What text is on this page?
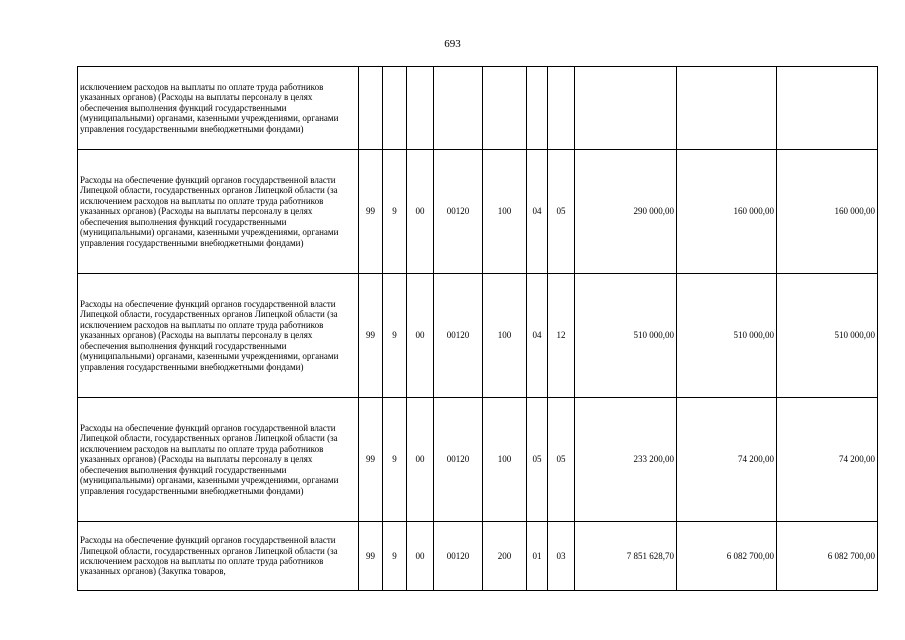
693
исключением расходов на выплаты по оплате труда работников указанных органов) (Расходы на выплаты персоналу в целях обеспечения выполнения функций государственными (муниципальными) органами, казенными учреждениями, органами управления государственными внебюджетными фондами)										
Расходы на обеспечение функций органов государственной власти Липецкой области, государственных органов Липецкой области (за исключением расходов на выплаты по оплате труда работников указанных органов) (Расходы на выплаты персоналу в целях обеспечения выполнения функций государственными (муниципальными) органами, казенными учреждениями, органами управления государственными внебюджетными фондами)	99	9	00	00120	100	04	05	290 000,00	160 000,00	160 000,00
Расходы на обеспечение функций органов государственной власти Липецкой области, государственных органов Липецкой области (за исключением расходов на выплаты по оплате труда работников указанных органов) (Расходы на выплаты персоналу в целях обеспечения выполнения функций государственными (муниципальными) органами, казенными учреждениями, органами управления государственными внебюджетными фондами)	99	9	00	00120	100	04	12	510 000,00	510 000,00	510 000,00
Расходы на обеспечение функций органов государственной власти Липецкой области, государственных органов Липецкой области (за исключением расходов на выплаты по оплате труда работников указанных органов) (Расходы на выплаты персоналу в целях обеспечения выполнения функций государственными (муниципальными) органами, казенными учреждениями, органами управления государственными внебюджетными фондами)	99	9	00	00120	100	05	05	233 200,00	74 200,00	74 200,00
Расходы на обеспечение функций органов государственной власти Липецкой области, государственных органов Липецкой области (за исключением расходов на выплаты по оплате труда работников указанных органов) (Закупка товаров,	99	9	00	00120	200	01	03	7 851 628,70	6 082 700,00	6 082 700,00
